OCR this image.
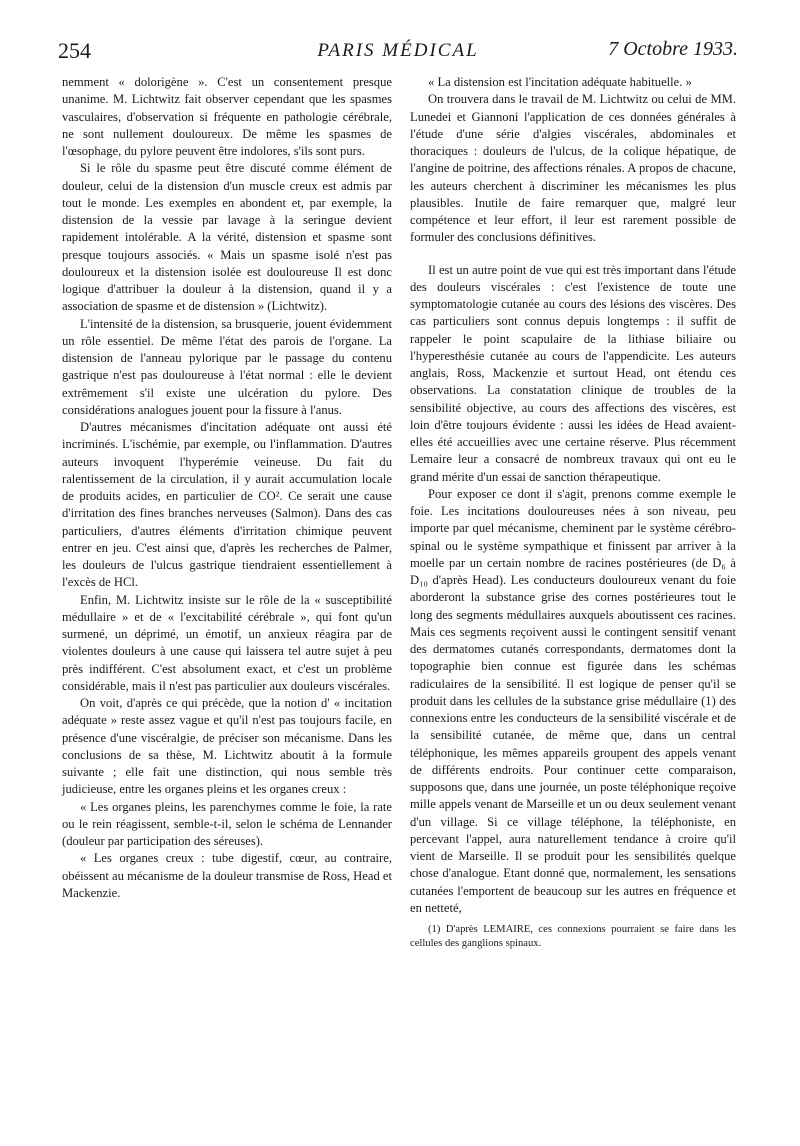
254	PARIS MÉDICAL	7 Octobre 1933.

nemment « dolorigène ». C'est un consentement presque unanime. M. Lichtwitz fait observer cependant que les spasmes vasculaires, d'observation si fréquente en pathologie cérébrale, ne sont nullement douloureux. De même les spasmes de l'œsophage, du pylore peuvent être indolores, s'ils sont purs.

Si le rôle du spasme peut être discuté comme élément de douleur, celui de la distension d'un muscle creux est admis par tout le monde. Les exemples en abondent et, par exemple, la distension de la vessie par lavage à la seringue devient rapidement intolérable. A la vérité, distension et spasme sont presque toujours associés. « Mais un spasme isolé n'est pas douloureux et la distension isolée est douloureuse Il est donc logique d'attribuer la douleur à la distension, quand il y a association de spasme et de distension » (Lichtwitz).

L'intensité de la distension, sa brusquerie, jouent évidemment un rôle essentiel. De même l'état des parois de l'organe. La distension de l'anneau pylorique par le passage du contenu gastrique n'est pas douloureuse à l'état normal : elle le devient extrêmement s'il existe une ulcération du pylore. Des considérations analogues jouent pour la fissure à l'anus.

D'autres mécanismes d'incitation adéquate ont aussi été incriminés. L'ischémie, par exemple, ou l'inflammation. D'autres auteurs invoquent l'hyperémie veineuse. Du fait du ralentissement de la circulation, il y aurait accumulation locale de produits acides, en particulier de CO². Ce serait une cause d'irritation des fines branches nerveuses (Salmon). Dans des cas particuliers, d'autres éléments d'irritation chimique peuvent entrer en jeu. C'est ainsi que, d'après les recherches de Palmer, les douleurs de l'ulcus gastrique tiendraient essentiellement à l'excès de HCl.

Enfin, M. Lichtwitz insiste sur le rôle de la « susceptibilité médullaire » et de « l'excitabilité cérébrale », qui font qu'un surmené, un déprimé, un émotif, un anxieux réagira par de violentes douleurs à une cause qui laissera tel autre sujet à peu près indifférent. C'est absolument exact, et c'est un problème considérable, mais il n'est pas particulier aux douleurs viscérales.

On voit, d'après ce qui précède, que la notion d' « incitation adéquate » reste assez vague et qu'il n'est pas toujours facile, en présence d'une viscéralgie, de préciser son mécanisme. Dans les conclusions de sa thèse, M. Lichtwitz aboutit à la formule suivante ; elle fait une distinction, qui nous semble très judicieuse, entre les organes pleins et les organes creux :

« Les organes pleins, les parenchymes comme le foie, la rate ou le rein réagissent, semble-t-il, selon le schéma de Lennander (douleur par participation des séreuses).

« Les organes creux : tube digestif, cœur, au contraire, obéissent au mécanisme de la douleur transmise de Ross, Head et Mackenzie.

« La distension est l'incitation adéquate habituelle. »

On trouvera dans le travail de M. Lichtwitz ou celui de MM. Lunedei et Giannoni l'application de ces données générales à l'étude d'une série d'algies viscérales, abdominales et thoraciques : douleurs de l'ulcus, de la colique hépatique, de l'angine de poitrine, des affections rénales. A propos de chacune, les auteurs cherchent à discriminer les mécanismes les plus plausibles. Inutile de faire remarquer que, malgré leur compétence et leur effort, il leur est rarement possible de formuler des conclusions définitives.

Il est un autre point de vue qui est très important dans l'étude des douleurs viscérales : c'est l'existence de toute une symptomatologie cutanée au cours des lésions des viscères. Des cas particuliers sont connus depuis longtemps : il suffit de rappeler le point scapulaire de la lithiase biliaire ou l'hyperesthésie cutanée au cours de l'appendicite. Les auteurs anglais, Ross, Mackenzie et surtout Head, ont étendu ces observations. La constatation clinique de troubles de la sensibilité objective, au cours des affections des viscères, est loin d'être toujours évidente : aussi les idées de Head avaient-elles été accueillies avec une certaine réserve. Plus récemment Lemaire leur a consacré de nombreux travaux qui ont eu le grand mérite d'un essai de sanction thérapeutique.

Pour exposer ce dont il s'agit, prenons comme exemple le foie. Les incitations douloureuses nées à son niveau, peu importe par quel mécanisme, cheminent par le système cérébro-spinal ou le système sympathique et finissent par arriver à la moelle par un certain nombre de racines postérieures (de D₆ à D₁₀ d'après Head). Les conducteurs douloureux venant du foie aborderont la substance grise des cornes postérieures tout le long des segments médullaires auxquels aboutissent ces racines. Mais ces segments reçoivent aussi le contingent sensitif venant des dermatomes cutanés correspondants, dermatomes dont la topographie bien connue est figurée dans les schémas radiculaires de la sensibilité. Il est logique de penser qu'il se produit dans les cellules de la substance grise médullaire (1) des connexions entre les conducteurs de la sensibilité viscérale et de la sensibilité cutanée, de même que, dans un central téléphonique, les mêmes appareils groupent des appels venant de différents endroits. Pour continuer cette comparaison, supposons que, dans une journée, un poste téléphonique reçoive mille appels venant de Marseille et un ou deux seulement venant d'un village. Si ce village téléphone, la téléphoniste, en percevant l'appel, aura naturellement tendance à croire qu'il vient de Marseille. Il se produit pour les sensibilités quelque chose d'analogue. Etant donné que, normalement, les sensations cutanées l'emportent de beaucoup sur les autres en fréquence et en netteté,

(1) D'après LEMAIRE, ces connexions pourraient se faire dans les cellules des ganglions spinaux.
